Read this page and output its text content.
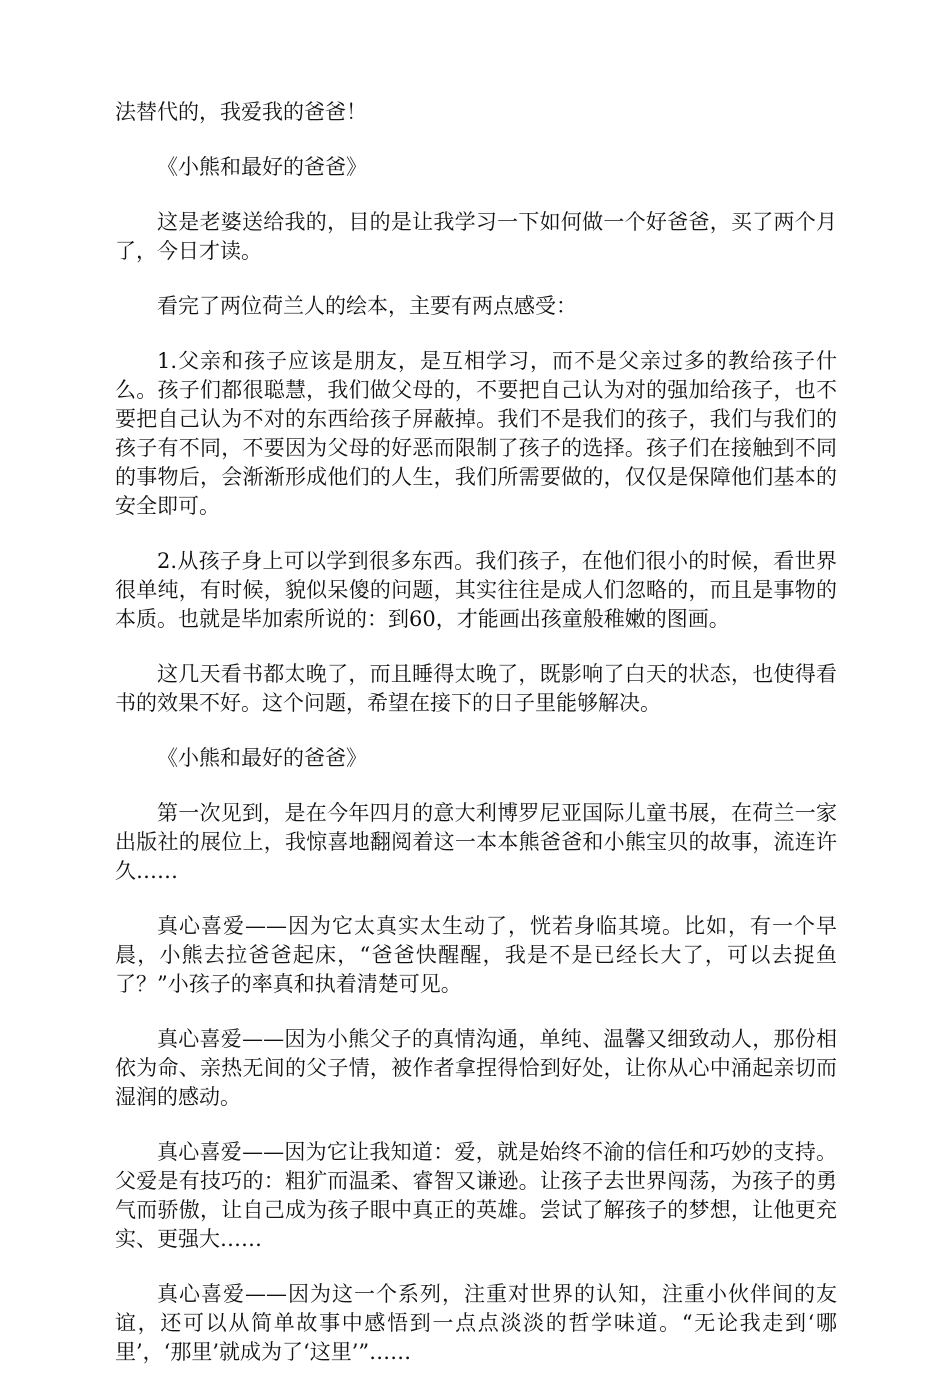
法替代的，我爱我的爸爸！

《小熊和最好的爸爸》

这是老婆送给我的，目的是让我学习一下如何做一个好爸爸，买了两个月了，今日才读。

看完了两位荷兰人的绘本，主要有两点感受：

1.父亲和孩子应该是朋友，是互相学习，而不是父亲过多的教给孩子什么。孩子们都很聪慧，我们做父母的，不要把自己认为对的强加给孩子，也不要把自己认为不对的东西给孩子屏蔽掉。我们不是我们的孩子，我们与我们的孩子有不同，不要因为父母的好恶而限制了孩子的选择。孩子们在接触到不同的事物后，会渐渐形成他们的人生，我们所需要做的，仅仅是保障他们基本的安全即可。

2.从孩子身上可以学到很多东西。我们孩子，在他们很小的时候，看世界很单纯，有时候，貌似呆傻的问题，其实往往是成人们忽略的，而且是事物的本质。也就是毕加索所说的：到60，才能画出孩童般稚嫩的图画。

这几天看书都太晚了，而且睡得太晚了，既影响了白天的状态，也使得看书的效果不好。这个问题，希望在接下的日子里能够解决。

《小熊和最好的爸爸》

第一次见到，是在今年四月的意大利博罗尼亚国际儿童书展，在荷兰一家出版社的展位上，我惊喜地翻阅着这一本本熊爸爸和小熊宝贝的故事，流连许久……

真心喜爱——因为它太真实太生动了，恍若身临其境。比如，有一个早晨，小熊去拉爸爸起床，“爸爸快醒醒，我是不是已经长大了，可以去捉鱼了？”小孩子的率真和执着清楚可见。

真心喜爱——因为小熊父子的真情沟通，单纯、温馨又细致动人，那份相依为命、亲热无间的父子情，被作者拿捏得恰到好处，让你从心中涌起亲切而湿润的感动。

真心喜爱——因为它让我知道：爱，就是始终不渝的信任和巧妙的支持。父爱是有技巧的：粗犷而温柔、睿智又谦逊。让孩子去世界闯荡，为孩子的勇气而骄傲，让自己成为孩子眼中真正的英雄。尝试了解孩子的梦想，让他更充实、更强大……

真心喜爱——因为这一个系列，注重对世界的认知，注重小伙伴间的友谊，还可以从简单故事中感悟到一点点淡淡的哲学味道。“无论我走到‘哪里’，‘那里’就成为了‘这里’”……
